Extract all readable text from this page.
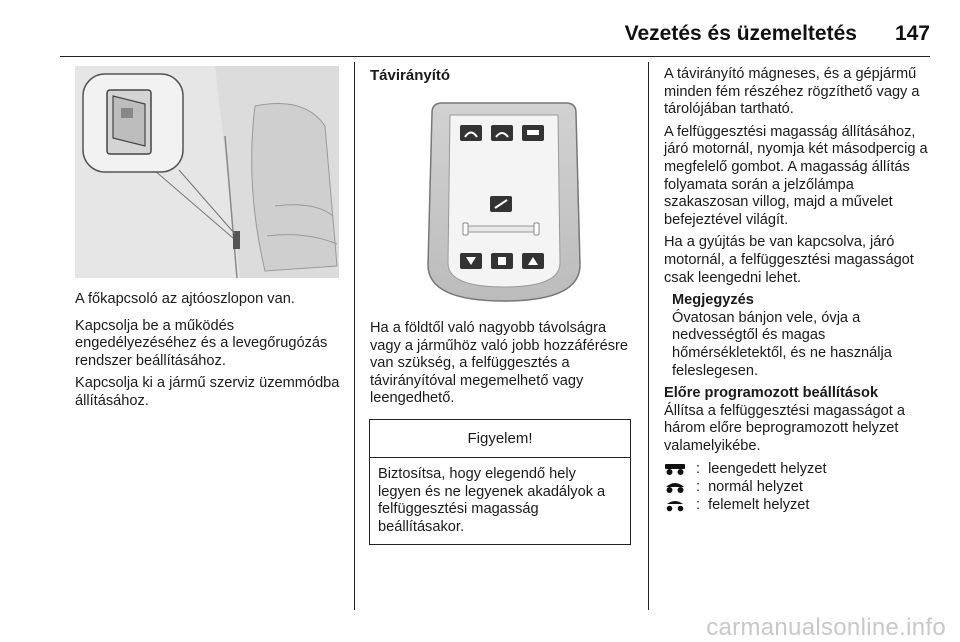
Vezetés és üzemeltetés 147

A főkapcsoló az ajtóoszlopon van.

Kapcsolja be a működés engedélyezéséhez és a levegőrugózás rendszer beállításához.

Kapcsolja ki a jármű szerviz üzemmódba állításához.

Távirányító

Ha a földtől való nagyobb távolságra vagy a járműhöz való jobb hozzáférésre van szükség, a felfüggesztés a távirányítóval megemelhető vagy leengedhető.

Figyelem!
Biztosítsa, hogy elegendő hely legyen és ne legyenek akadályok a felfüggesztési magasság beállításakor.

A távirányító mágneses, és a gépjármű minden fém részéhez rögzíthető vagy a tárolójában tartható.

A felfüggesztési magasság állításához, járó motornál, nyomja két másodpercig a megfelelő gombot. A magasság állítás folyamata során a jelzőlámpa szakaszosan villog, majd a művelet befejeztével világít.

Ha a gyújtás be van kapcsolva, járó motornál, a felfüggesztési magasságot csak leengedni lehet.

Megjegyzés

Óvatosan bánjon vele, óvja a nedvességtől és magas hőmérsékletektől, és ne használja feleslegesen.

Előre programozott beállítások

Állítsa a felfüggesztési magasságot a három előre beprogramozott helyzet valamelyikébe.

: leengedett helyzet
: normál helyzet
: felemelt helyzet
carmanualsonline.info
